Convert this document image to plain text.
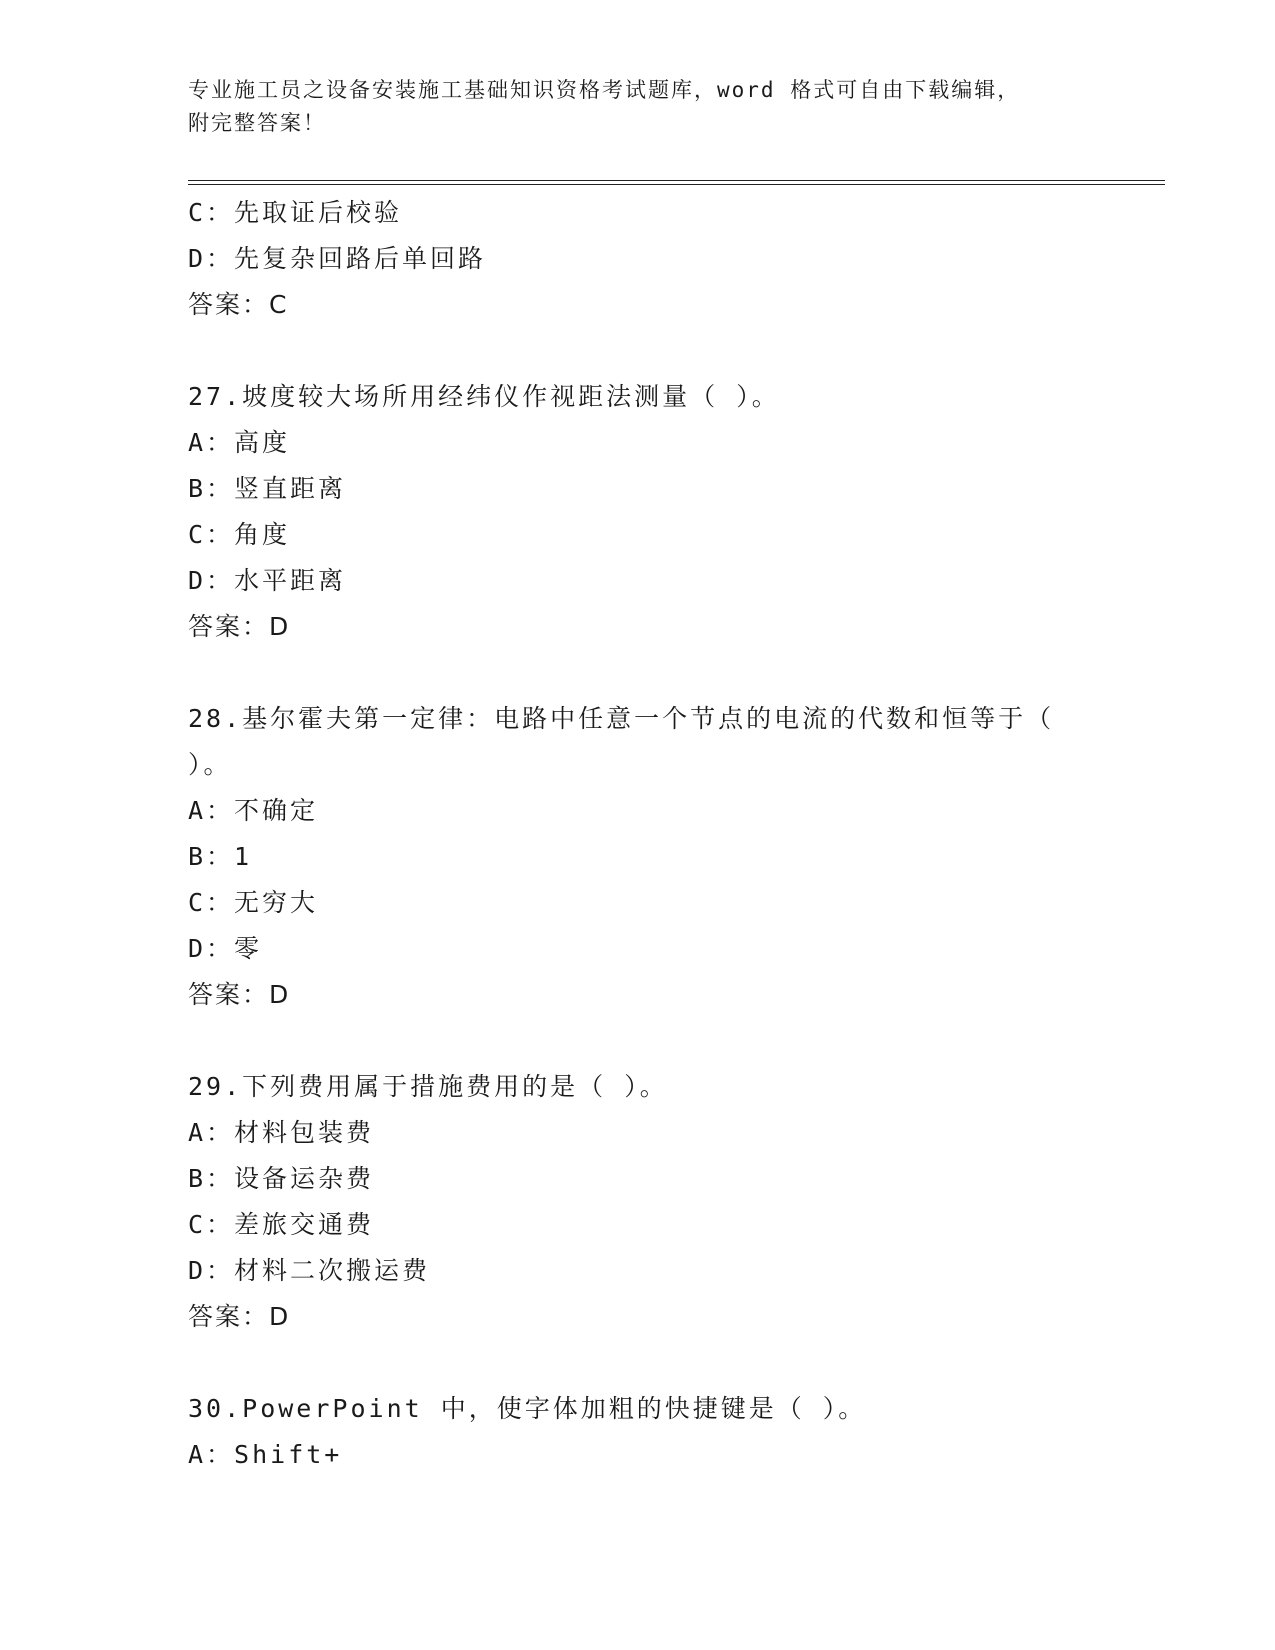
专业施工员之设备安装施工基础知识资格考试题库，word 格式可自由下载编辑，
附完整答案！
C：先取证后校验
D：先复杂回路后单回路
答案：C
27.坡度较大场所用经纬仪作视距法测量（ ）。
A：高度
B：竖直距离
C：角度
D：水平距离
答案：D
28.基尔霍夫第一定律：电路中任意一个节点的电流的代数和恒等于（
）。
A：不确定
B：1
C：无穷大
D：零
答案：D
29.下列费用属于措施费用的是（ ）。
A：材料包装费
B：设备运杂费
C：差旅交通费
D：材料二次搬运费
答案：D
30.PowerPoint 中，使字体加粗的快捷键是（ ）。
A：Shift+
